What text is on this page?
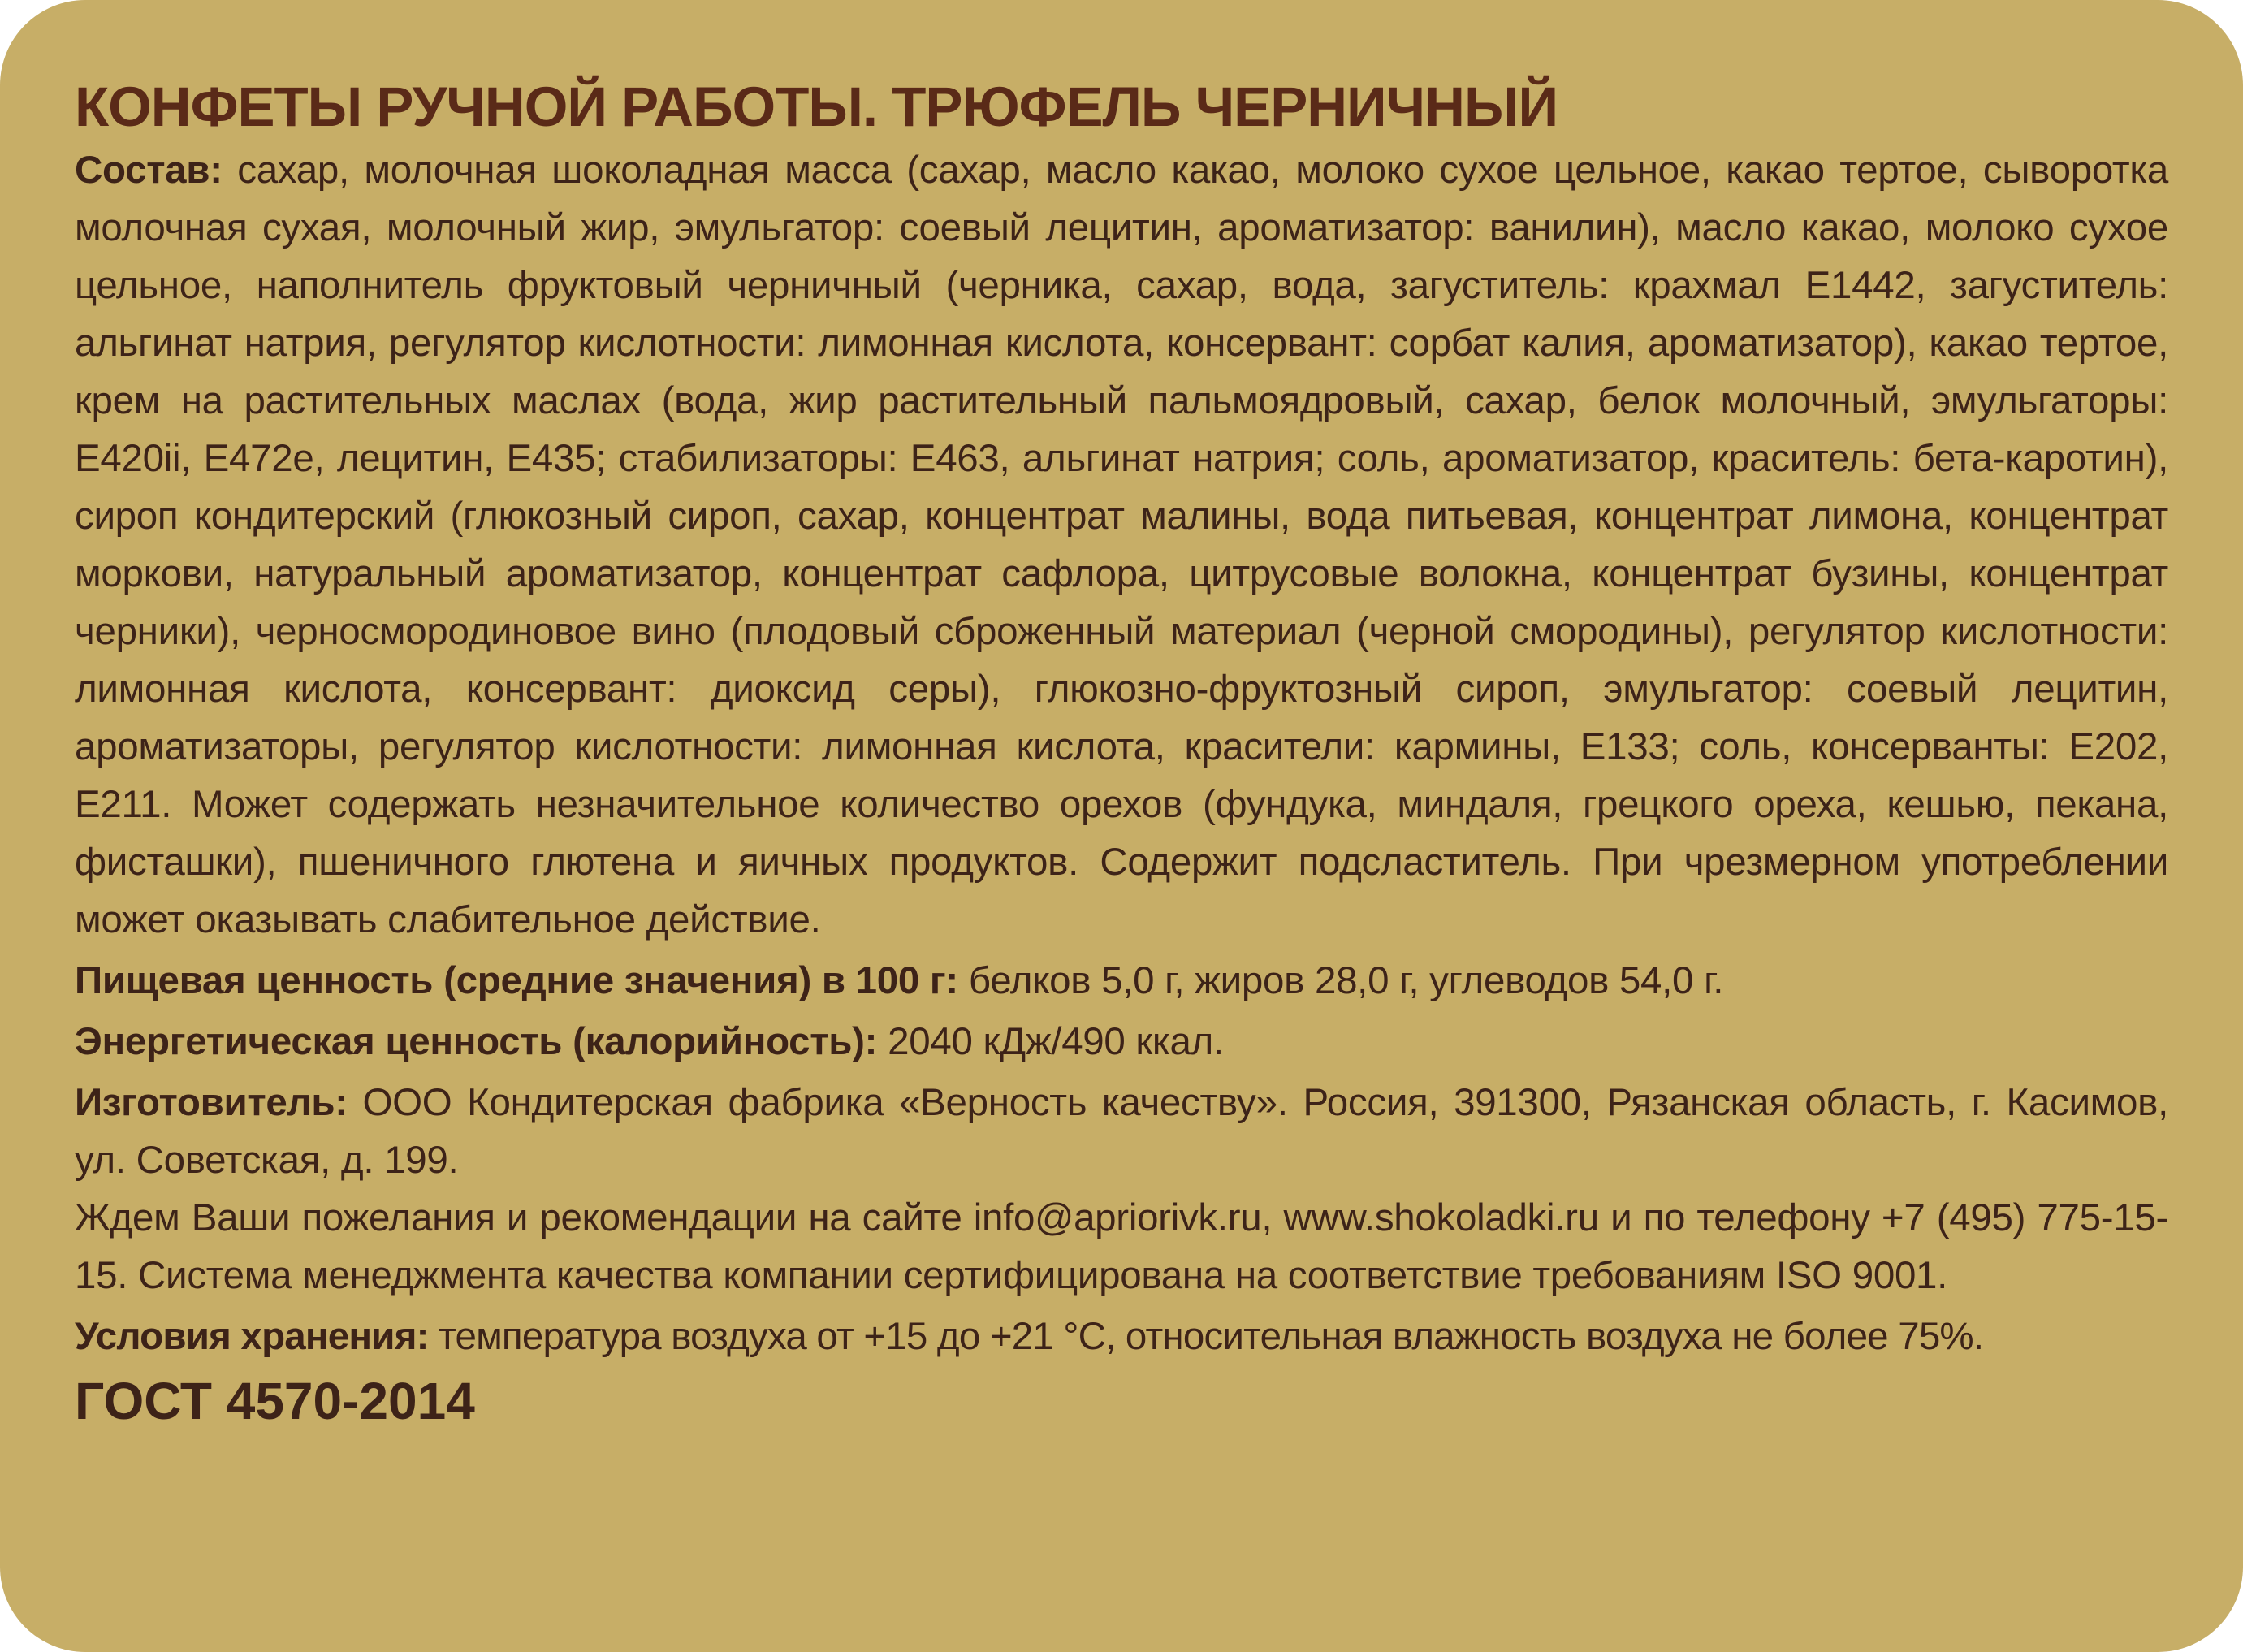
КОНФЕТЫ РУЧНОЙ РАБОТЫ. ТРЮФЕЛЬ ЧЕРНИЧНЫЙ

Состав: сахар, молочная шоколадная масса (сахар, масло какао, молоко сухое цельное, какао тертое, сыворотка молочная сухая, молочный жир, эмульгатор: соевый лецитин, ароматизатор: ванилин), масло какао, молоко сухое цельное, наполнитель фруктовый черничный (черника, сахар, вода, загуститель: крахмал Е1442, загуститель: альгинат натрия, регулятор кислотности: лимонная кислота, консервант: сорбат калия, ароматизатор), какао тертое, крем на растительных маслах (вода, жир растительный пальмоядровый, сахар, белок молочный, эмульгаторы: Е420ii, Е472е, лецитин, Е435; стабилизаторы: Е463, альгинат натрия; соль, ароматизатор, краситель: бета-каротин), сироп кондитерский (глюкозный сироп, сахар, концентрат малины, вода питьевая, концентрат лимона, концентрат моркови, натуральный ароматизатор, концентрат сафлора, цитрусовые волокна, концентрат бузины, концентрат черники), черносмородиновое вино (плодовый сброженный материал (черной смородины), регулятор кислотности: лимонная кислота, консервант: диоксид серы), глюкозно-фруктозный сироп, эмульгатор: соевый лецитин, ароматизаторы, регулятор кислотности: лимонная кислота, красители: кармины, Е133; соль, консерванты: Е202, Е211. Может содержать незначительное количество орехов (фундука, миндаля, грецкого ореха, кешью, пекана, фисташки), пшеничного глютена и яичных продуктов. Содержит подсластитель. При чрезмерном употреблении может оказывать слабительное действие.

Пищевая ценность (средние значения) в 100 г: белков 5,0 г, жиров 28,0 г, углеводов 54,0 г.

Энергетическая ценность (калорийность): 2040 кДж/490 ккал.

Изготовитель: ООО Кондитерская фабрика «Верность качеству». Россия, 391300, Рязанская область, г. Касимов, ул. Советская, д. 199.

Ждем Ваши пожелания и рекомендации на сайте info@apriorivk.ru, www.shokoladki.ru и по телефону +7 (495) 775-15-15. Система менеджмента качества компании сертифицирована на соответствие требованиям ISO 9001.

Условия хранения: температура воздуха от +15 до +21 °С, относительная влажность воздуха не более 75%.

ГОСТ 4570-2014
